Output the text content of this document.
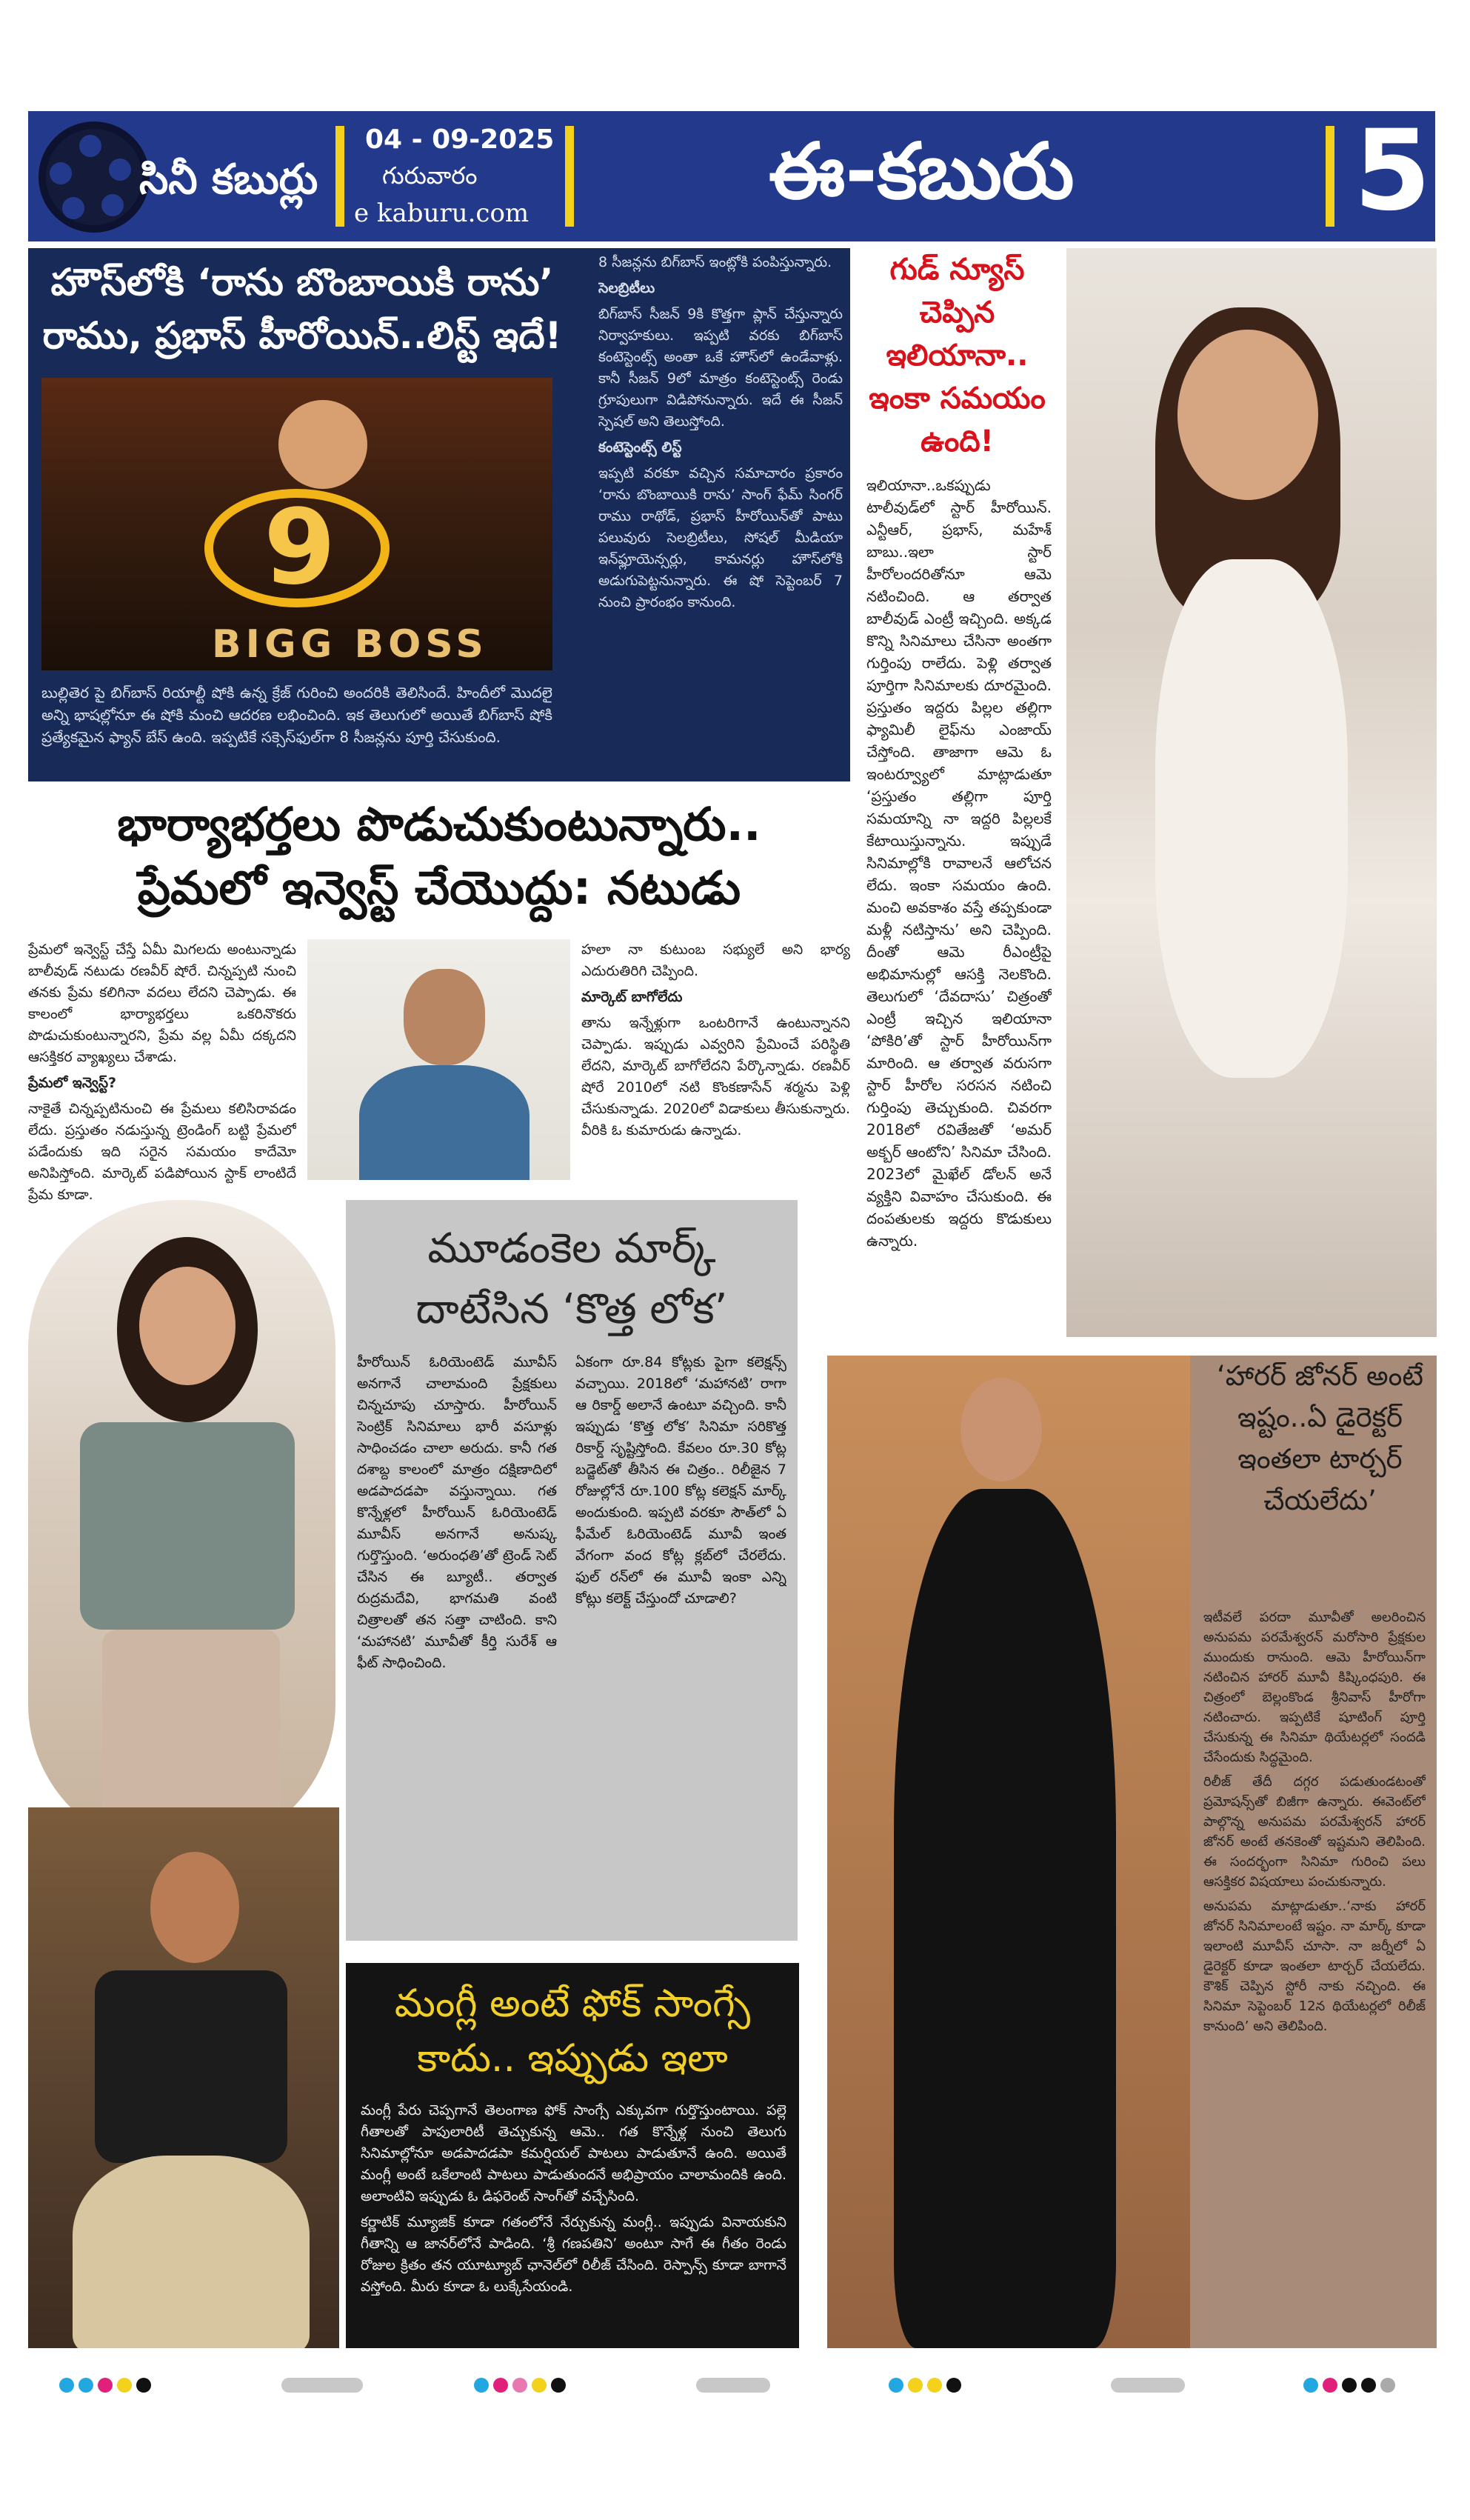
సినీ కబుర్లు
04 - 09-2025
గురువారం
e kaburu.com	ఈ-కబురు	5
హౌస్‌లోకి ‘రాను బొంబాయికి రాను’
రాము, ప్రభాస్ హీరోయిన్..లిస్ట్ ఇదే!
9
BIGG BOSS

బుల్లితెర పై బిగ్‌బాస్ రియాల్టీ షోకి ఉన్న క్రేజ్ గురించి అందరికి తెలిసిందే. హిందీలో మొదలై అన్ని భాషల్లోనూ ఈ షోకి మంచి ఆదరణ లభించింది. ఇక తెలుగులో అయితే బిగ్‌బాస్ షోకి ప్రత్యేకమైన ఫ్యాన్ బేస్ ఉంది. ఇప్పటికే సక్సెస్‌ఫుల్‌గా 8 సీజన్లను పూర్తి చేసుకుంది.

8 సీజన్లను బిగ్‌బాస్ ఇంట్లోకి పంపిస్తున్నారు.

సెలబ్రిటీలు

బిగ్‌బాస్ సీజన్ 9కి కొత్తగా ప్లాన్ చేస్తున్నారు నిర్వాహకులు. ఇప్పటి వరకు బిగ్‌బాస్ కంటెస్టెంట్స్ అంతా ఒకే హౌస్‌లో ఉండేవాళ్లు. కానీ సీజన్ 9లో మాత్రం కంటెస్టెంట్స్ రెండు గ్రూపులుగా విడిపోనున్నారు. ఇదే ఈ సీజన్ స్పెషల్ అని తెలుస్తోంది.

కంటెస్టెంట్స్ లిస్ట్

ఇప్పటి వరకూ వచ్చిన సమాచారం ప్రకారం ‘రాను బొంబాయికి రాను’ సాంగ్ ఫేమ్ సింగర్ రాము రాథోడ్, ప్రభాస్ హీరోయిన్‌తో పాటు పలువురు సెలబ్రిటీలు, సోషల్ మీడియా ఇన్‌ఫ్లూయెన్సర్లు, కామనర్లు హౌస్‌లోకి అడుగుపెట్టనున్నారు. ఈ షో సెప్టెంబర్ 7 నుంచి ప్రారంభం కానుంది.

గుడ్ న్యూస్ చెప్పిన ఇలియానా.. ఇంకా సమయం ఉంది!

ఇలియానా..ఒకప్పుడు టాలీవుడ్‌లో స్టార్ హీరోయిన్. ఎన్టీఆర్, ప్రభాస్, మహేశ్ బాబు..ఇలా స్టార్ హీరోలందరితోనూ ఆమె నటించింది. ఆ తర్వాత బాలీవుడ్ ఎంట్రీ ఇచ్చింది. అక్కడ కొన్ని సినిమాలు చేసినా అంతగా గుర్తింపు రాలేదు. పెళ్లి తర్వాత పూర్తిగా సినిమాలకు దూరమైంది. ప్రస్తుతం ఇద్దరు పిల్లల తల్లిగా ఫ్యామిలీ లైఫ్‌ను ఎంజాయ్ చేస్తోంది. తాజాగా ఆమె ఓ ఇంటర్వ్యూలో మాట్లాడుతూ ‘ప్రస్తుతం తల్లిగా పూర్తి సమయాన్ని నా ఇద్దరి పిల్లలకే కేటాయిస్తున్నాను. ఇప్పుడే సినిమాల్లోకి రావాలనే ఆలోచన లేదు. ఇంకా సమయం ఉంది. మంచి అవకాశం వస్తే తప్పకుండా మళ్లీ నటిస్తాను’ అని చెప్పింది. దీంతో ఆమె రీఎంట్రీపై అభిమానుల్లో ఆసక్తి నెలకొంది. తెలుగులో ‘దేవదాసు’ చిత్రంతో ఎంట్రీ ఇచ్చిన ఇలియానా ‘పోకిరి’తో స్టార్ హీరోయిన్‌గా మారింది. ఆ తర్వాత వరుసగా స్టార్ హీరోల సరసన నటించి గుర్తింపు తెచ్చుకుంది. చివరగా 2018లో రవితేజతో ‘అమర్ అక్బర్ ఆంటోని’ సినిమా చేసింది. 2023లో మైఖేల్ డోలన్ అనే వ్యక్తిని వివాహం చేసుకుంది. ఈ దంపతులకు ఇద్దరు కొడుకులు ఉన్నారు.

భార్యాభర్తలు పొడుచుకుంటున్నారు..
ప్రేమలో ఇన్వెస్ట్ చేయొద్దు: నటుడు

ప్రేమలో ఇన్వెస్ట్ చేస్తే ఏమీ మిగలదు అంటున్నాడు బాలీవుడ్ నటుడు రణవీర్ షోరే. చిన్నప్పటి నుంచి తనకు ప్రేమ కలిగినా వదలు లేదని చెప్పాడు. ఈ కాలంలో భార్యాభర్తలు ఒకరినొకరు పొడుచుకుంటున్నారని, ప్రేమ వల్ల ఏమీ దక్కదని ఆసక్తికర వ్యాఖ్యలు చేశాడు.

ప్రేమలో ఇన్వెస్ట్?

నాకైతే చిన్నప్పటినుంచి ఈ ప్రేమలు కలిసిరావడం లేదు. ప్రస్తుతం నడుస్తున్న ట్రెండింగ్ బట్టి ప్రేమలో పడేందుకు ఇది సరైన సమయం కాదేమో అనిపిస్తోంది. మార్కెట్ పడిపోయిన స్టాక్ లాంటిదే ప్రేమ కూడా.

హలా నా కుటుంబ సభ్యులే అని భార్య ఎదురుతిరిగి చెప్పింది.

మార్కెట్ బాగోలేదు

తాను ఇన్నేళ్లుగా ఒంటరిగానే ఉంటున్నానని చెప్పాడు. ఇప్పుడు ఎవ్వరిని ప్రేమించే పరిస్థితి లేదని, మార్కెట్ బాగోలేదని పేర్కొన్నాడు. రణవీర్ షోరే 2010లో నటి కొంకణాసేన్ శర్మను పెళ్లి చేసుకున్నాడు. 2020లో విడాకులు తీసుకున్నారు. వీరికి ఓ కుమారుడు ఉన్నాడు.

మూడంకెల మార్క్
దాటేసిన ‘కొత్త లోక’

హీరోయిన్ ఓరియెంటెడ్ మూవీస్ అనగానే చాలామంది ప్రేక్షకులు చిన్నచూపు చూస్తారు. హీరోయిన్ సెంట్రిక్ సినిమాలు భారీ వసూళ్లు సాధించడం చాలా అరుదు. కానీ గత దశాబ్ద కాలంలో మాత్రం దక్షిణాదిలో అడపాదడపా వస్తున్నాయి. గత కొన్నేళ్లలో హీరోయిన్ ఓరియెంటెడ్ మూవీస్ అనగానే అనుష్క గుర్తొస్తుంది. ‘అరుంధతి’తో ట్రెండ్ సెట్ చేసిన ఈ బ్యూటీ.. తర్వాత రుద్రమదేవి, భాగమతి వంటి చిత్రాలతో తన సత్తా చాటింది. కాని ‘మహానటి’ మూవీతో కీర్తి సురేశ్ ఆ ఫీట్ సాధించింది.

ఏకంగా రూ.84 కోట్లకు పైగా కలెక్షన్స్ వచ్చాయి. 2018లో ‘మహానటి’ రాగా ఆ రికార్డ్ అలానే ఉంటూ వచ్చింది. కానీ ఇప్పుడు ‘కొత్త లోక’ సినిమా సరికొత్త రికార్డ్ సృష్టిస్తోంది. కేవలం రూ.30 కోట్ల బడ్జెట్‌తో తీసిన ఈ చిత్రం.. రిలీజైన 7 రోజుల్లోనే రూ.100 కోట్ల కలెక్షన్ మార్క్ అందుకుంది. ఇప్పటి వరకూ సౌత్‌లో ఏ ఫీమేల్ ఓరియెంటెడ్ మూవీ ఇంత వేగంగా వంద కోట్ల క్లబ్‌లో చేరలేదు. ఫుల్ రన్‌లో ఈ మూవీ ఇంకా ఎన్ని కోట్లు కలెక్ట్ చేస్తుందో చూడాలి?

మంగ్లీ అంటే ఫోక్ సాంగ్సే
కాదు.. ఇప్పుడు ఇలా

మంగ్లీ పేరు చెప్పగానే తెలంగాణ ఫోక్ సాంగ్సే ఎక్కువగా గుర్తొస్తుంటాయి. పల్లె గీతాలతో పాపులారిటీ తెచ్చుకున్న ఆమె.. గత కొన్నేళ్ల నుంచి తెలుగు సినిమాల్లోనూ అడపాదడపా కమర్షియల్ పాటలు పాడుతూనే ఉంది. అయితే మంగ్లీ అంటే ఒకేలాంటి పాటలు పాడుతుందనే అభిప్రాయం చాలామందికి ఉంది. అలాంటివి ఇప్పుడు ఓ డిఫరెంట్ సాంగ్‌తో వచ్చేసింది.

కర్ణాటిక్ మ్యూజిక్ కూడా గతంలోనే నేర్చుకున్న మంగ్లీ.. ఇప్పుడు వినాయకుని గీతాన్ని ఆ జానర్‌లోనే పాడింది. ‘శ్రీ గణపతిని’ అంటూ సాగే ఈ గీతం రెండు రోజుల క్రితం తన యూట్యూబ్ ఛానెల్‌లో రిలీజ్ చేసింది. రెస్పాన్స్ కూడా బాగానే వస్తోంది. మీరు కూడా ఓ లుక్కేసేయండి.

‘హారర్ జోనర్ అంటే ఇష్టం..ఏ డైరెక్టర్ ఇంతలా టార్చర్ చేయలేదు’

ఇటీవలే పరదా మూవీతో అలరించిన అనుపమ పరమేశ్వరన్ మరోసారి ప్రేక్షకుల ముందుకు రానుంది. ఆమె హీరోయిన్‌గా నటించిన హారర్ మూవీ కిష్కింధపురి. ఈ చిత్రంలో బెల్లంకొండ శ్రీనివాస్ హీరోగా నటించారు. ఇప్పటికే షూటింగ్ పూర్తి చేసుకున్న ఈ సినిమా థియేటర్లలో సందడి చేసేందుకు సిద్ధమైంది.

రిలీజ్ తేదీ దగ్గర పడుతుండటంతో ప్రమోషన్స్‌తో బిజీగా ఉన్నారు. ఈవెంట్‌లో పాల్గొన్న అనుపమ పరమేశ్వరన్ హారర్ జోనర్ అంటే తనకెంతో ఇష్టమని తెలిపింది. ఈ సందర్భంగా సినిమా గురించి పలు ఆసక్తికర విషయాలు పంచుకున్నారు.

అనుపమ మాట్లాడుతూ..‘నాకు హారర్ జోనర్ సినిమాలంటే ఇష్టం. నా మార్క్ కూడా ఇలాంటి మూవీస్ చూసా. నా జర్నీలో ఏ డైరెక్టర్ కూడా ఇంతలా టార్చర్ చేయలేదు. కౌశిక్ చెప్పిన స్టోరీ నాకు నచ్చింది. ఈ సినిమా సెప్టెంబర్ 12న థియేటర్లలో రిలీజ్ కానుంది’ అని తెలిపింది.
